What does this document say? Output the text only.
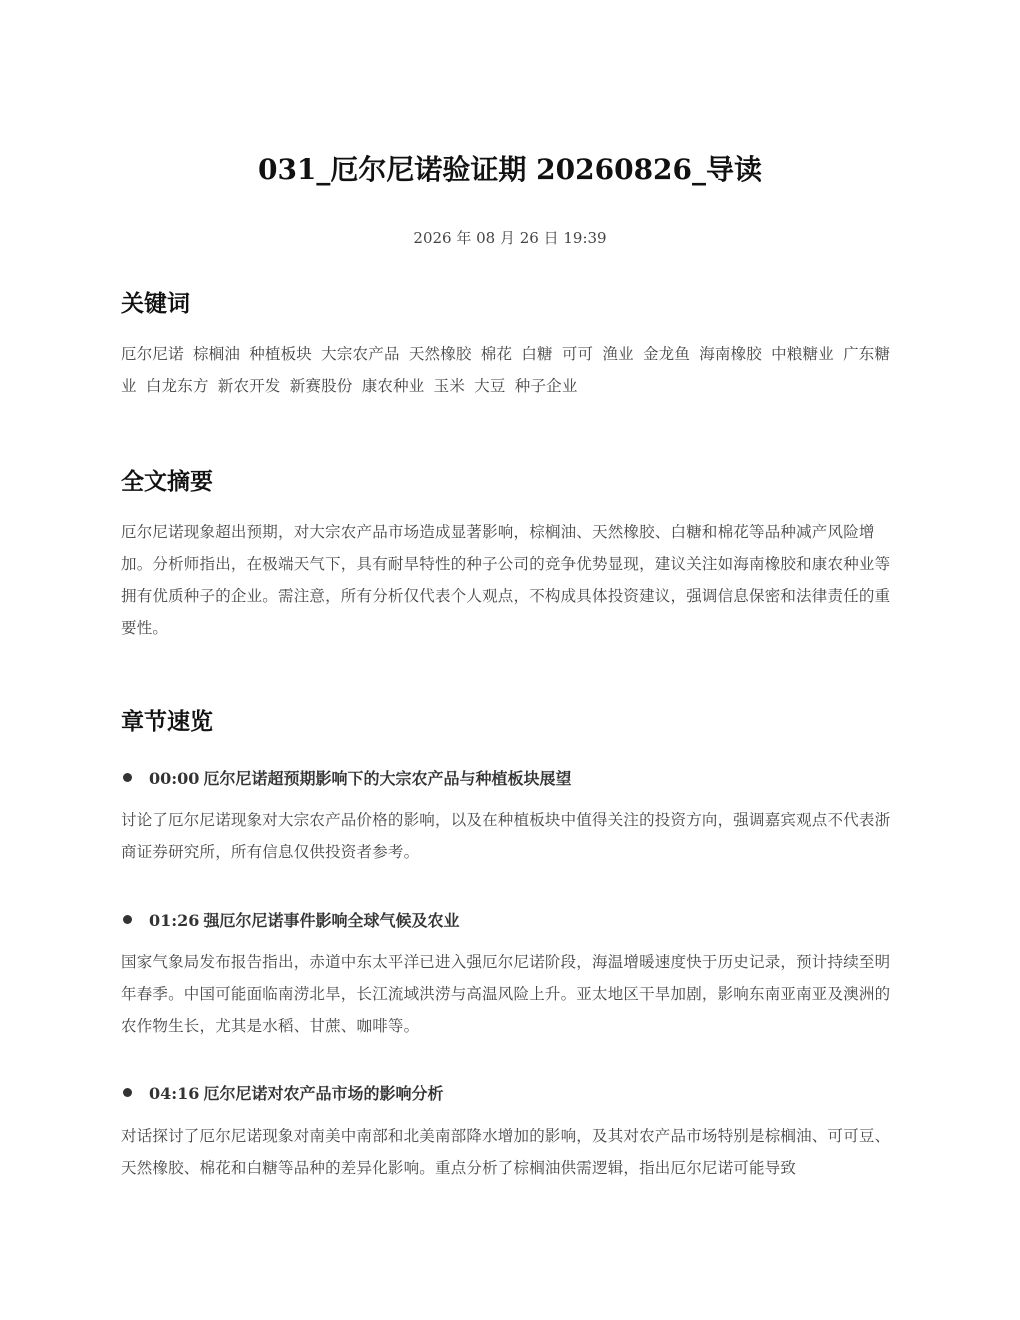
031_厄尔尼诺验证期 20260826_导读
2026 年 08 月 26 日 19:39
关键词

厄尔尼诺 棕榈油 种植板块 大宗农产品 天然橡胶 棉花 白糖 可可 渔业 金龙鱼 海南橡胶 中粮糖业 广东糖业 白龙东方 新农开发 新赛股份 康农种业 玉米 大豆 种子企业

全文摘要

厄尔尼诺现象超出预期，对大宗农产品市场造成显著影响，棕榈油、天然橡胶、白糖和棉花等品种减产风险增加。分析师指出，在极端天气下，具有耐旱特性的种子公司的竞争优势显现，建议关注如海南橡胶和康农种业等拥有优质种子的企业。需注意，所有分析仅代表个人观点，不构成具体投资建议，强调信息保密和法律责任的重要性。

章节速览
00:00 厄尔尼诺超预期影响下的大宗农产品与种植板块展望

讨论了厄尔尼诺现象对大宗农产品价格的影响，以及在种植板块中值得关注的投资方向，强调嘉宾观点不代表浙商证券研究所，所有信息仅供投资者参考。

01:26 强厄尔尼诺事件影响全球气候及农业

国家气象局发布报告指出，赤道中东太平洋已进入强厄尔尼诺阶段，海温增暖速度快于历史记录，预计持续至明年春季。中国可能面临南涝北旱，长江流域洪涝与高温风险上升。亚太地区干旱加剧，影响东南亚南亚及澳洲的农作物生长，尤其是水稻、甘蔗、咖啡等。

04:16 厄尔尼诺对农产品市场的影响分析

对话探讨了厄尔尼诺现象对南美中南部和北美南部降水增加的影响，及其对农产品市场特别是棕榈油、可可豆、天然橡胶、棉花和白糖等品种的差异化影响。重点分析了棕榈油供需逻辑，指出厄尔尼诺可能导致
